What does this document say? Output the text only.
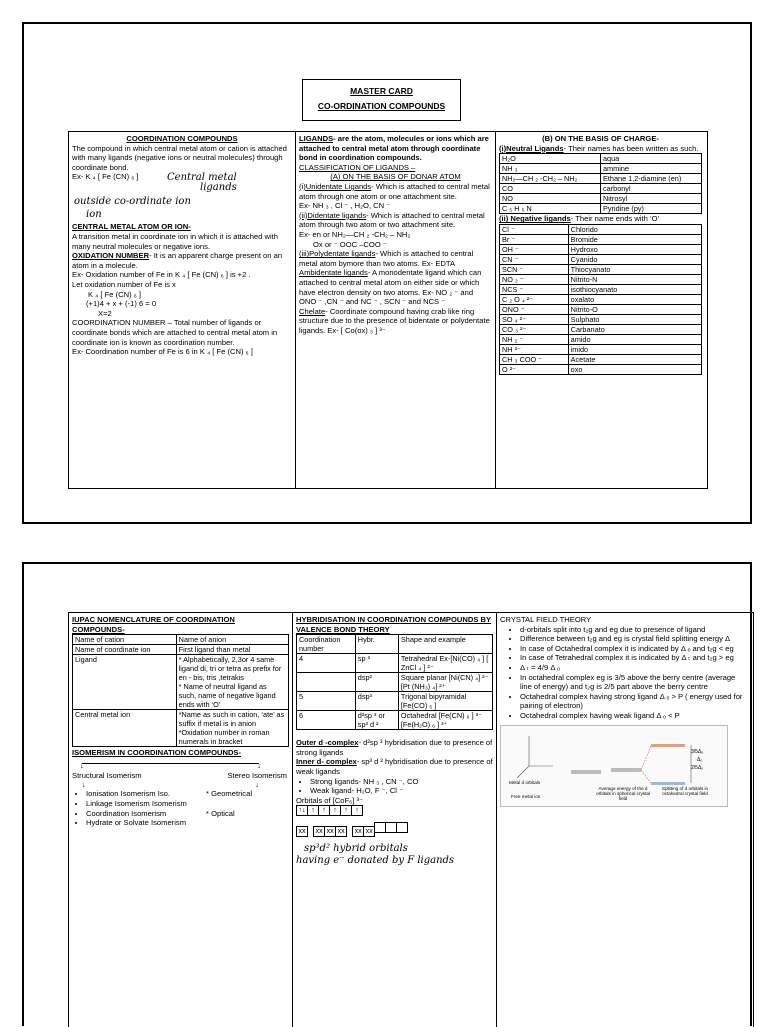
MASTER CARD
CO-ORDINATION COMPOUNDS
COORDINATION COMPOUNDS
The compound in which central metal atom or cation is attached with many ligands (negative ions or neutral molecules) through coordinate bond.
Ex- K ₄ [ Fe (CN) ₆ ]	Central metal
ligands
outside co-ordinate ion
ion
CENTRAL METAL ATOM OR ION-
A transition metal in coordinate ion in which it is attached with many neutral molecules or negative ions.
OXIDATION NUMBER- It is an apparent charge present on an atom in a molecule.
Ex- Oxidation number of Fe in K ₄ [ Fe (CN) ₆ ] is +2 .
Let oxidation number of Fe is x
K ₄ [ Fe (CN) ₆ ]
(+1)4 + x + (-1) 6 = 0
X=2
COORDINATION NUMBER – Total number of ligands or coordinate bonds which are attached to central metal atom in coordinate ion is known as coordination number.
Ex- Coordination number of Fe is 6 in K ₄ [ Fe (CN) ₆ ]
LIGANDS- are the atom, molecules or ions which are attached to central metal atom through coordinate bond in coordination compounds.
CLASSIFICATION OF LIGANDS –
(A) ON THE BASIS OF DONAR ATOM
(i)Unidentate Ligands- Which is attached to central metal atom through one atom or one attachment site.
Ex- NH ₃ , Cl ⁻ , H₂O, CN ⁻
(ii)Didentate ligands- Which is attached to central metal atom through two atom or two attachment site.
Ex- en or NH₂—CH ₂ -CH₂ – NH₂
Ox or ⁻ OOC –COO ⁻
(iii)Polydentate ligands- Which is attached to central metal atom bymore than two atoms. Ex- EDTA
Ambidentate ligands- A monodentate ligand which can attached to central metal atom on either side or which have electron density on two atoms. Ex- NO ₂ ⁻ and ONO ⁻ ,CN ⁻ and NC ⁻ , SCN ⁻ and NCS ⁻
Chelate- Coordinate compound having crab like ring structure due to the presence of bidentate or polydentate ligands. Ex- [ Co(ox) ₃ ] ³⁻
(B) ON THE BASIS OF CHARGE-
(i)Neutral Ligands- Their names has been written as such.
H₂O	aqua
NH ₃	ammine
NH₂—CH ₂ -CH₂ – NH₂	Ethane 1,2-diamine (en)
CO	carbonyl
NO	Nitrosyl
C ₅ H ₅ N	Pyridine (py)
(ii) Negative ligands- Their name ends with ‘O’
Cl ⁻	Chlorido
Br ⁻	Bromide
OH ⁻	Hydroxo
CN ⁻	Cyanido
SCN ⁻	Thiocyanato
NO ₂ ⁻	Nitrito-N
NCS ⁻	isothiocyanato
C ₂ O ₄ ²⁻	oxalato
ONO ⁻	Nitrito-O
SO ₄ ²⁻	Sulphato
CO ₃ ²⁻	Carbanato
NH ₂ ⁻	amido
NH ²⁻	imido
CH ₃ COO ⁻	Acetate
O ²⁻	oxo
IUPAC NOMENCLATURE OF COORDINATION COMPOUNDS-
Name of cation	Name of anion
Name of coordinate ion	First ligand than metal
Ligand	* Alphabetically, 2,3or 4 same ligand di, tri or tetra as prefix for en - bis, tris ,tetrakis
* Name of neutral ligand as such, name of negative ligand ends with ‘O’
Central metal ion	*Name as such in cation, ‘ate’ as suffix if metal is in anion
*Oxidation number in roman numerals in bracket
ISOMERISM IN COORDINATION COMPOUNDS-
↓	↓
Structural Isomerism	Stereo Isomerism
↓	↓
• Ionisation Isomerism Iso.
• Linkage Isomerism Isomerism
• Coordination Isomerism
• Hydrate or Solvate Isomerism
* Geometrical
* Optical
HYBRIDISATION IN COORDINATION COMPOUNDS BY VALENCE BOND THEORY
Coordination number	Hybr.	Shape and example
4	sp ³	Tetrahedral Ex-[Ni(CO) ₄ ] [ ZnCl ₄ ] ²⁻
	dsp²	Square planar [Ni(CN) ₄] ²⁻ [Pt (NH₃) ₄] ²⁺
5	dsp³	Trigonal bipyramidal [Fe(CO) ₅ ]
6	d²sp ³ or sp³ d ²	Octahedral [Fe(CN) ₆ ] ³⁻ [Fe(H₂O) ₆ ] ³⁺
Outer d -complex- d²sp ³ hybridisation due to presence of strong ligands
Inner d- complex- sp³ d ² hybridisation due to presence of weak ligands
• Strong ligands- NH ₃ , CN ⁻, CO
• Weak ligand- H₂O, F ⁻, Cl ⁻
Orbitals of [CoF₆] ³⁻
↑↓ ↑ ↑ ↑ ↑ ↑
xx xx xx xx xx xx
sp³d² hybrid orbitals
having e⁻ donated by F ligands
CRYSTAL FIELD THEORY
• d-orbitals split into t₂g and eg due to presence of ligand
• Difference between t₂g and eg is crystal field splitting energy Δ
• In case of Octahedral complex it is indicated by Δ ₒ and t₂g < eg
• In case of Tetrahedral complex it is indicated by Δ ₜ and t₂g > eg
• Δ ₜ = 4/9 Δ ₒ
• In octahedral complex eg is 3/5 above the berry centre (average line of energy) and t₂g is 2/5 part above the berry centre
• Octahedral complex having strong ligand Δ ₒ > P ( energy used for pairing of electron)
• Octahedral complex having weak ligand Δ ₒ < P
3/5Δₒ
2/5Δₒ
Δₒ
Metal d orbitals
Free metal ion
Average energy of the d orbitals in spherical crystal field
Splitting of d orbitals in octahedral crystal field
